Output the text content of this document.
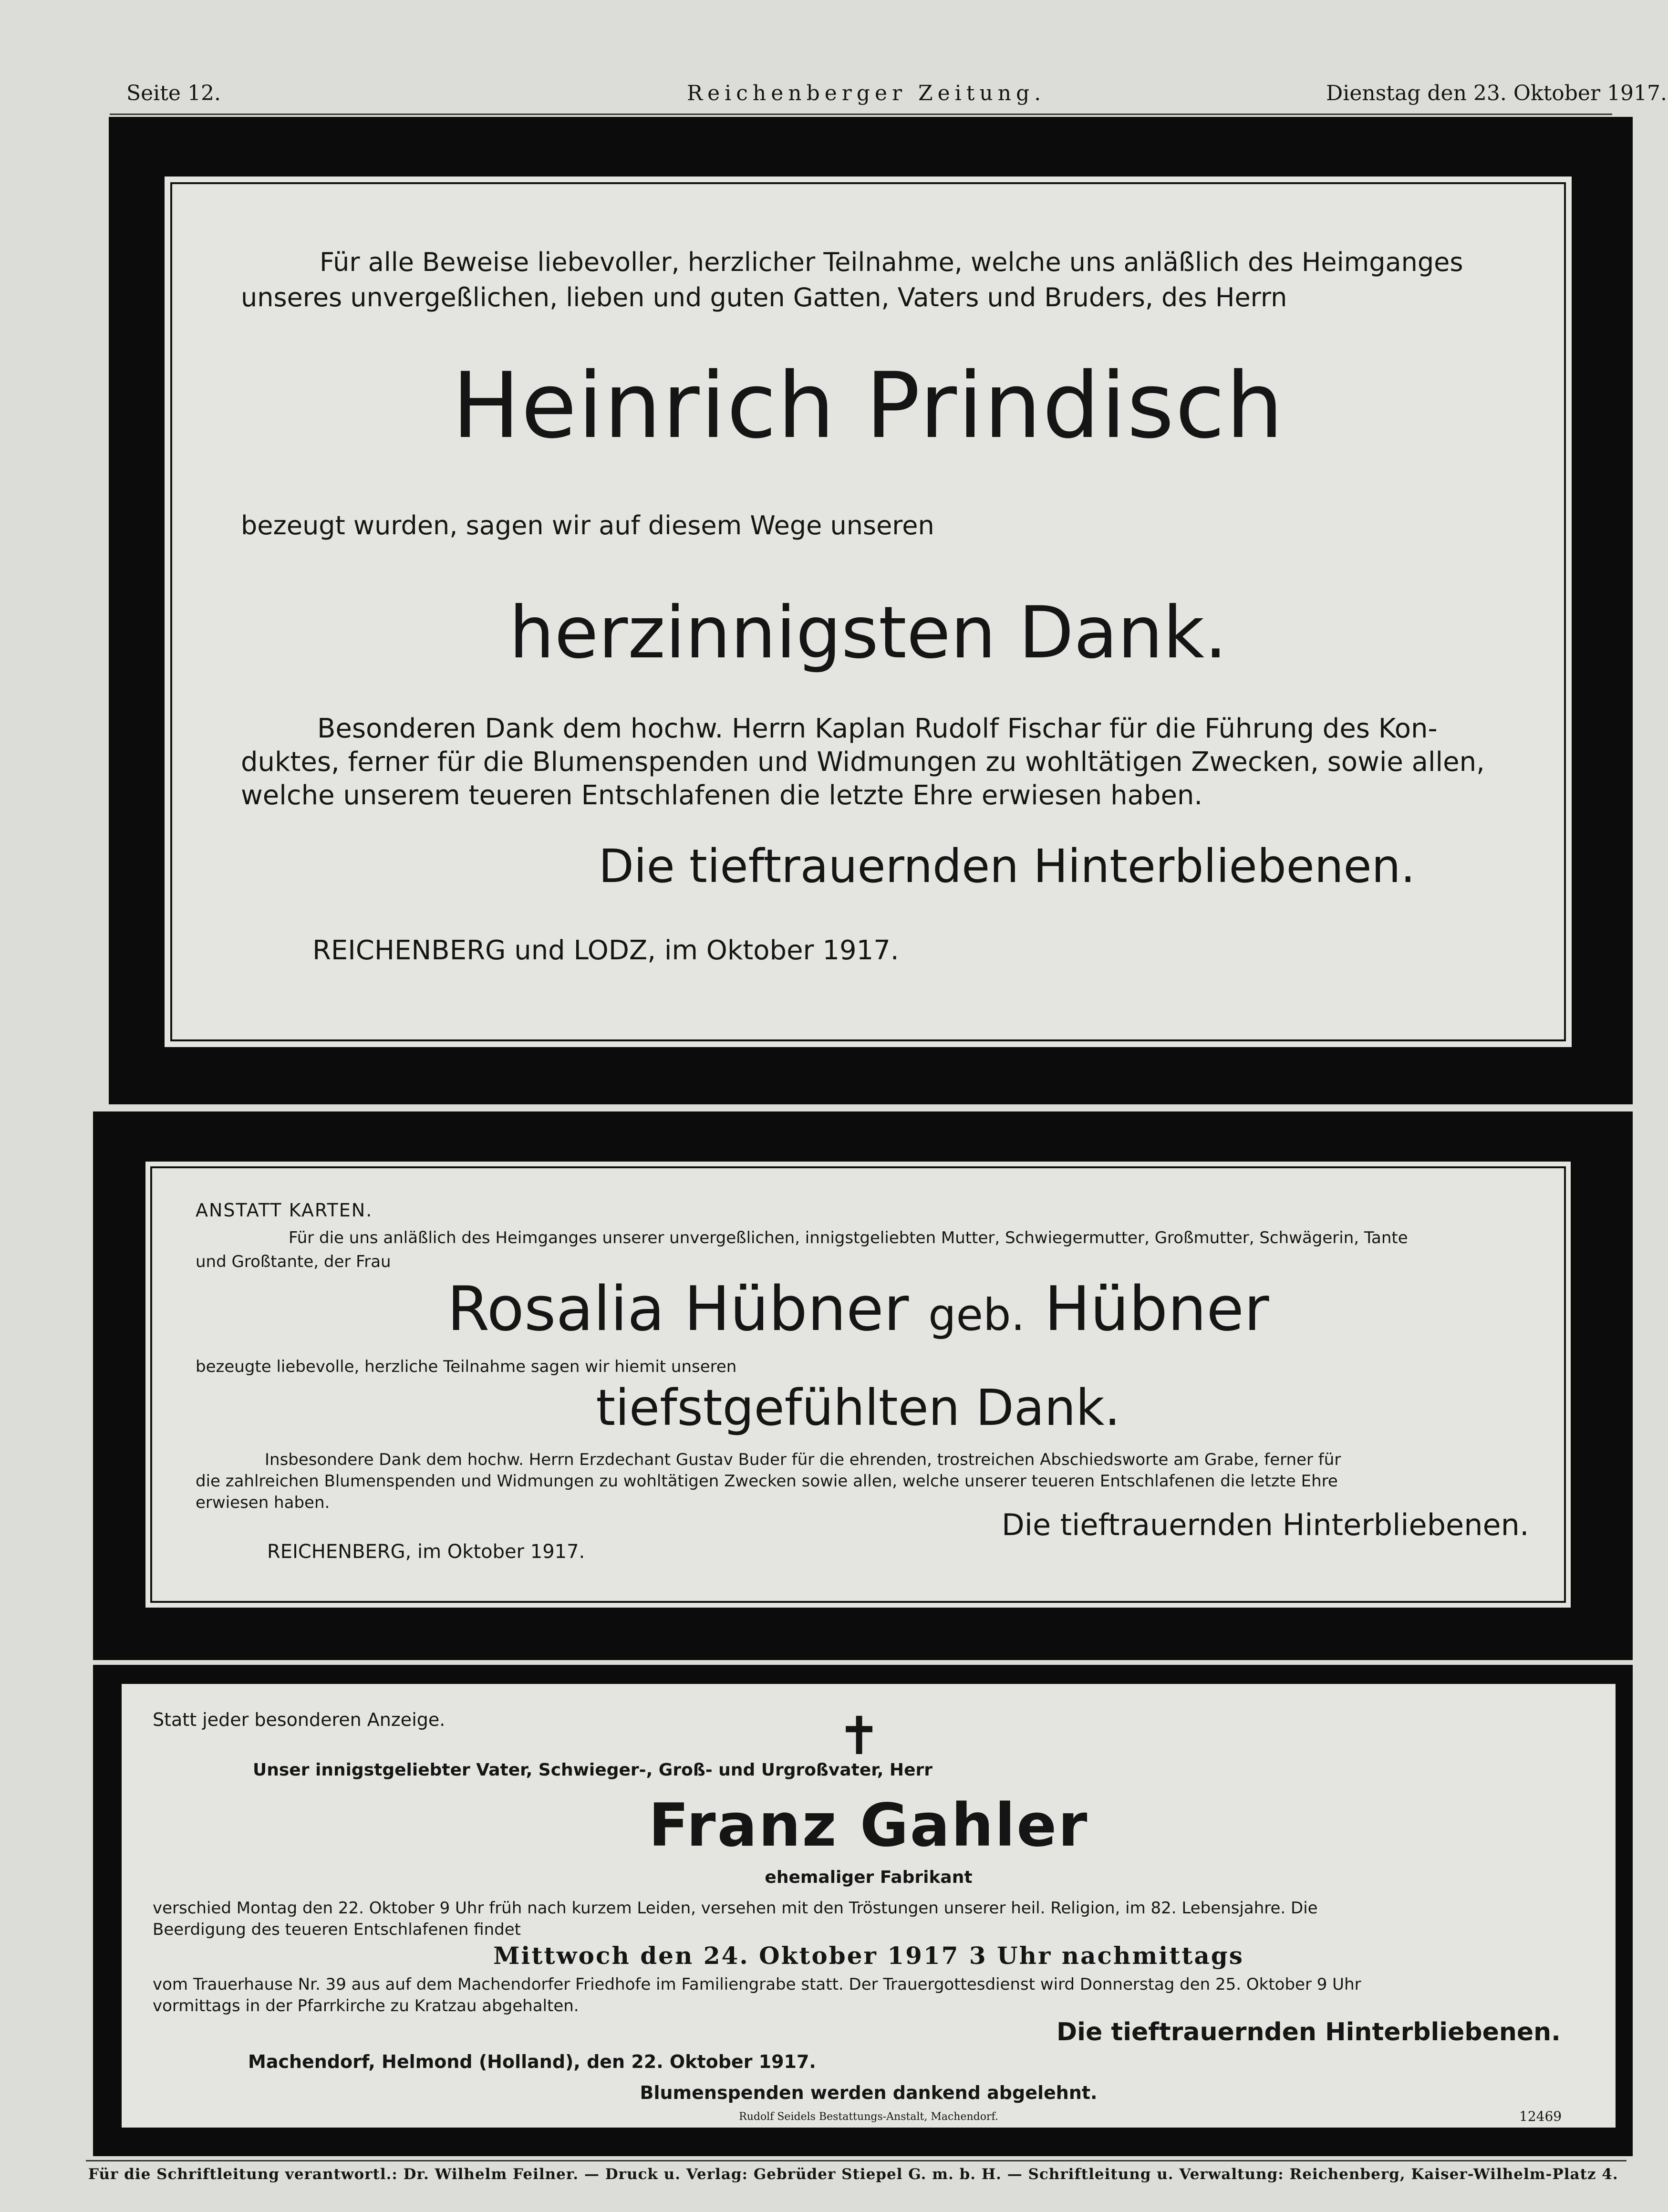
Seite 12.	Reichenberger Zeitung.	Dienstag den 23. Oktober 1917.
Für alle Beweise liebevoller, herzlicher Teilnahme, welche uns anläßlich des Heimganges
unseres unvergeßlichen, lieben und guten Gatten, Vaters und Bruders, des Herrn
Heinrich Prindisch
bezeugt wurden, sagen wir auf diesem Wege unseren
herzinnigsten Dank.
Besonderen Dank dem hochw. Herrn Kaplan Rudolf Fischar für die Führung des Kon-
duktes, ferner für die Blumenspenden und Widmungen zu wohltätigen Zwecken, sowie allen,
welche unserem teueren Entschlafenen die letzte Ehre erwiesen haben.
Die tieftrauernden Hinterbliebenen.
REICHENBERG und LODZ, im Oktober 1917.
ANSTATT KARTEN.
Für die uns anläßlich des Heimganges unserer unvergeßlichen, innigstgeliebten Mutter, Schwiegermutter, Großmutter, Schwägerin, Tante
und Großtante, der Frau
Rosalia Hübner geb. Hübner
bezeugte liebevolle, herzliche Teilnahme sagen wir hiemit unseren
tiefstgefühlten Dank.
Insbesondere Dank dem hochw. Herrn Erzdechant Gustav Buder für die ehrenden, trostreichen Abschiedsworte am Grabe, ferner für
die zahlreichen Blumenspenden und Widmungen zu wohltätigen Zwecken sowie allen, welche unserer teueren Entschlafenen die letzte Ehre
erwiesen haben.
Die tieftrauernden Hinterbliebenen.
REICHENBERG, im Oktober 1917.
Statt jeder besonderen Anzeige.	✝
Unser innigstgeliebter Vater, Schwieger-, Groß- und Urgroßvater, Herr
Franz Gahler
ehemaliger Fabrikant
verschied Montag den 22. Oktober 9 Uhr früh nach kurzem Leiden, versehen mit den Tröstungen unserer heil. Religion, im 82. Lebensjahre. Die
Beerdigung des teueren Entschlafenen findet
Mittwoch den 24. Oktober 1917 3 Uhr nachmittags
vom Trauerhause Nr. 39 aus auf dem Machendorfer Friedhofe im Familiengrabe statt. Der Trauergottesdienst wird Donnerstag den 25. Oktober 9 Uhr
vormittags in der Pfarrkirche zu Kratzau abgehalten.
Die tieftrauernden Hinterbliebenen.
Machendorf, Helmond (Holland), den 22. Oktober 1917.
Blumenspenden werden dankend abgelehnt.
Rudolf Seidels Bestattungs-Anstalt, Machendorf.	12469
Für die Schriftleitung verantwortl.: Dr. Wilhelm Feilner. — Druck u. Verlag: Gebrüder Stiepel G. m. b. H. — Schriftleitung u. Verwaltung: Reichenberg, Kaiser-Wilhelm-Platz 4.
